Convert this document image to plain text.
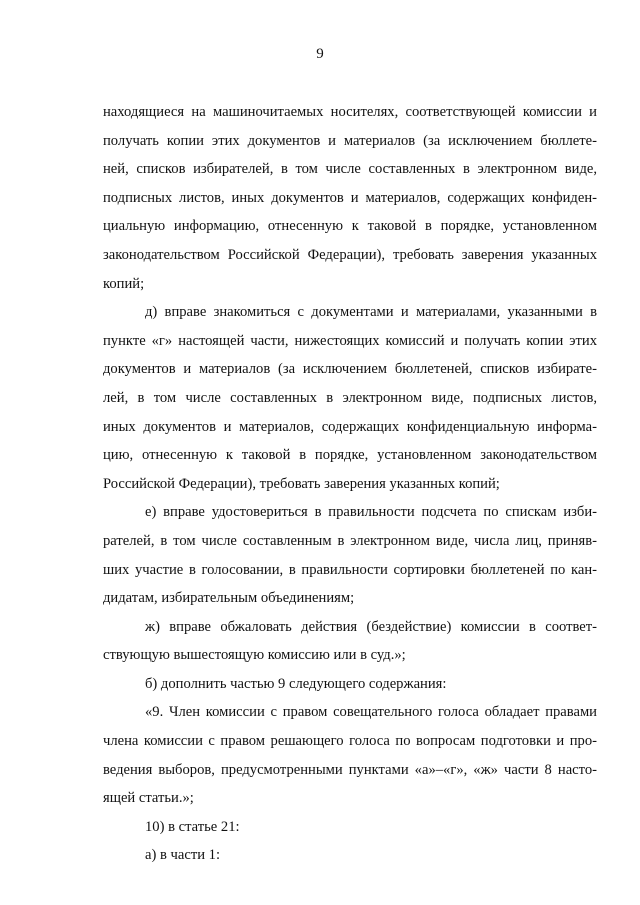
9
находящиеся на машиночитаемых носителях, соответствующей комиссии и
получать копии этих документов и материалов (за исключением бюллете-
ней, списков избирателей, в том числе составленных в электронном виде,
подписных листов, иных документов и материалов, содержащих конфиден-
циальную информацию, отнесенную к таковой в порядке, установленном
законодательством Российской Федерации), требовать заверения указанных
копий;
д) вправе знакомиться с документами и материалами, указанными в
пункте «г» настоящей части, нижестоящих комиссий и получать копии этих
документов и материалов (за исключением бюллетеней, списков избирате-
лей, в том числе составленных в электронном виде, подписных листов,
иных документов и материалов, содержащих конфиденциальную информа-
цию, отнесенную к таковой в порядке, установленном законодательством
Российской Федерации), требовать заверения указанных копий;
е) вправе удостовериться в правильности подсчета по спискам изби-
рателей, в том числе составленным в электронном виде, числа лиц, приняв-
ших участие в голосовании, в правильности сортировки бюллетеней по кан-
дидатам, избирательным объединениям;
ж) вправе обжаловать действия (бездействие) комиссии в соответ-
ствующую вышестоящую комиссию или в суд.»;
б) дополнить частью 9 следующего содержания:
«9. Член комиссии с правом совещательного голоса обладает правами
члена комиссии с правом решающего голоса по вопросам подготовки и про-
ведения выборов, предусмотренными пунктами «а»–«г», «ж» части 8 насто-
ящей статьи.»;
10) в статье 21:
а) в части 1:
